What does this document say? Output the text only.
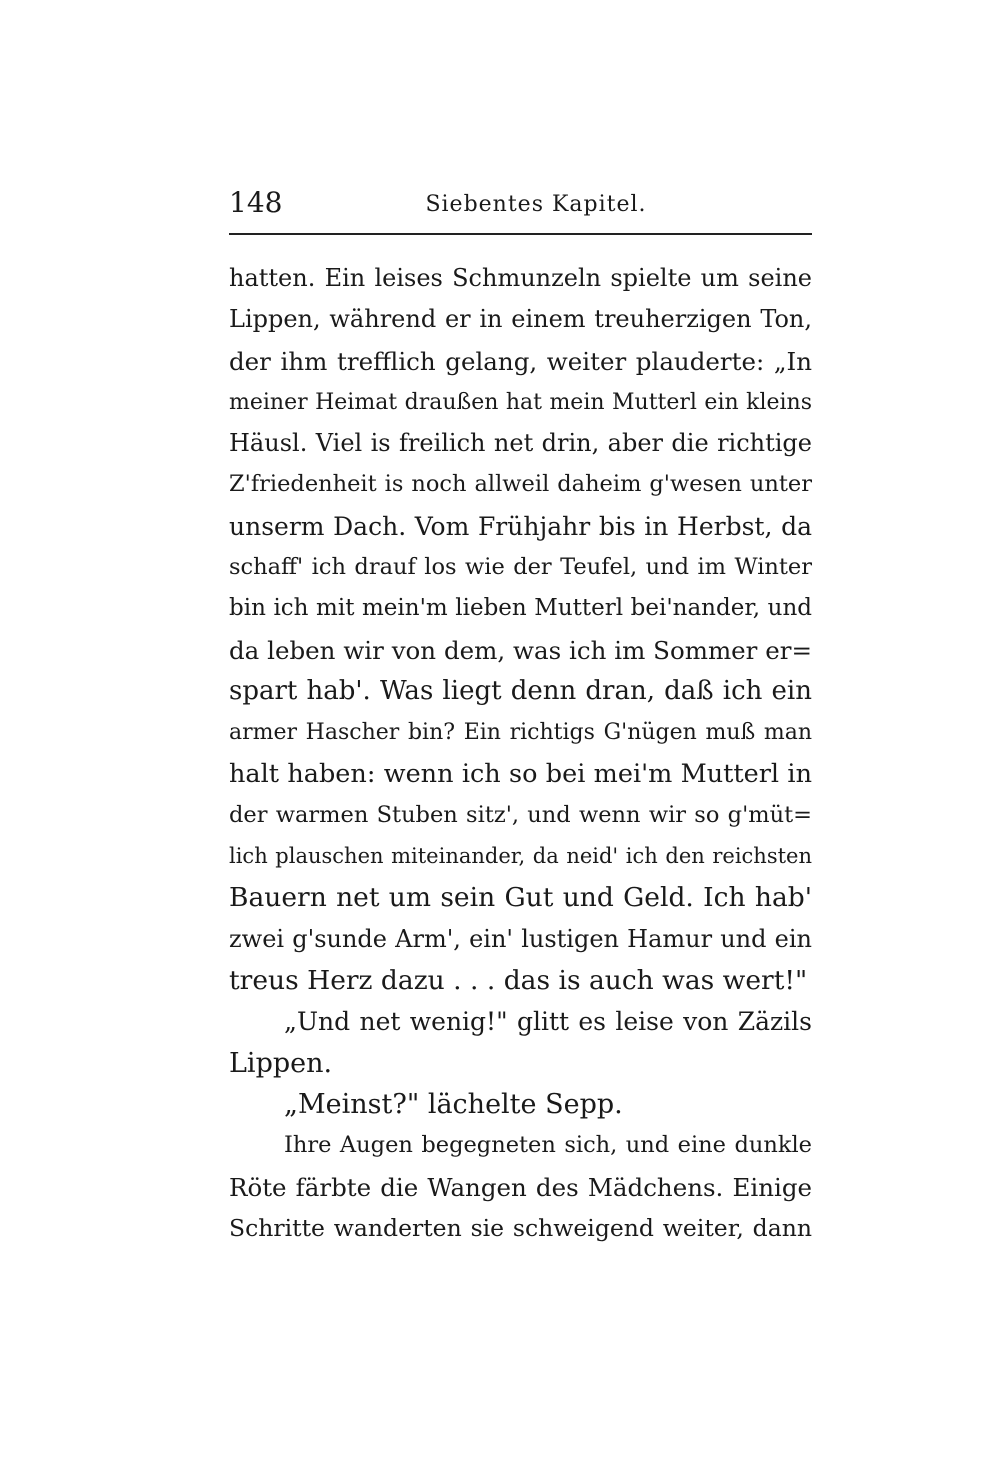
148	Siebentes Kapitel.
hatten. Ein leises Schmunzeln spielte um seine
Lippen, während er in einem treuherzigen Ton,
der ihm trefflich gelang, weiter plauderte: „In
meiner Heimat draußen hat mein Mutterl ein kleins
Häusl. Viel is freilich net drin, aber die richtige
Z'friedenheit is noch allweil daheim g'wesen unter
unserm Dach. Vom Frühjahr bis in Herbst, da
schaff' ich drauf los wie der Teufel, und im Winter
bin ich mit mein'm lieben Mutterl bei'nander, und
da leben wir von dem, was ich im Sommer er=
spart hab'. Was liegt denn dran, daß ich ein
armer Hascher bin? Ein richtigs G'nügen muß man
halt haben: wenn ich so bei mei'm Mutterl in
der warmen Stuben sitz', und wenn wir so g'müt=
lich plauschen miteinander, da neid' ich den reichsten
Bauern net um sein Gut und Geld. Ich hab'
zwei g'sunde Arm', ein' lustigen Hamur und ein
treus Herz dazu . . . das is auch was wert!"
„Und net wenig!" glitt es leise von Zäzils
Lippen.
„Meinst?" lächelte Sepp.
Ihre Augen begegneten sich, und eine dunkle
Röte färbte die Wangen des Mädchens. Einige
Schritte wanderten sie schweigend weiter, dann
